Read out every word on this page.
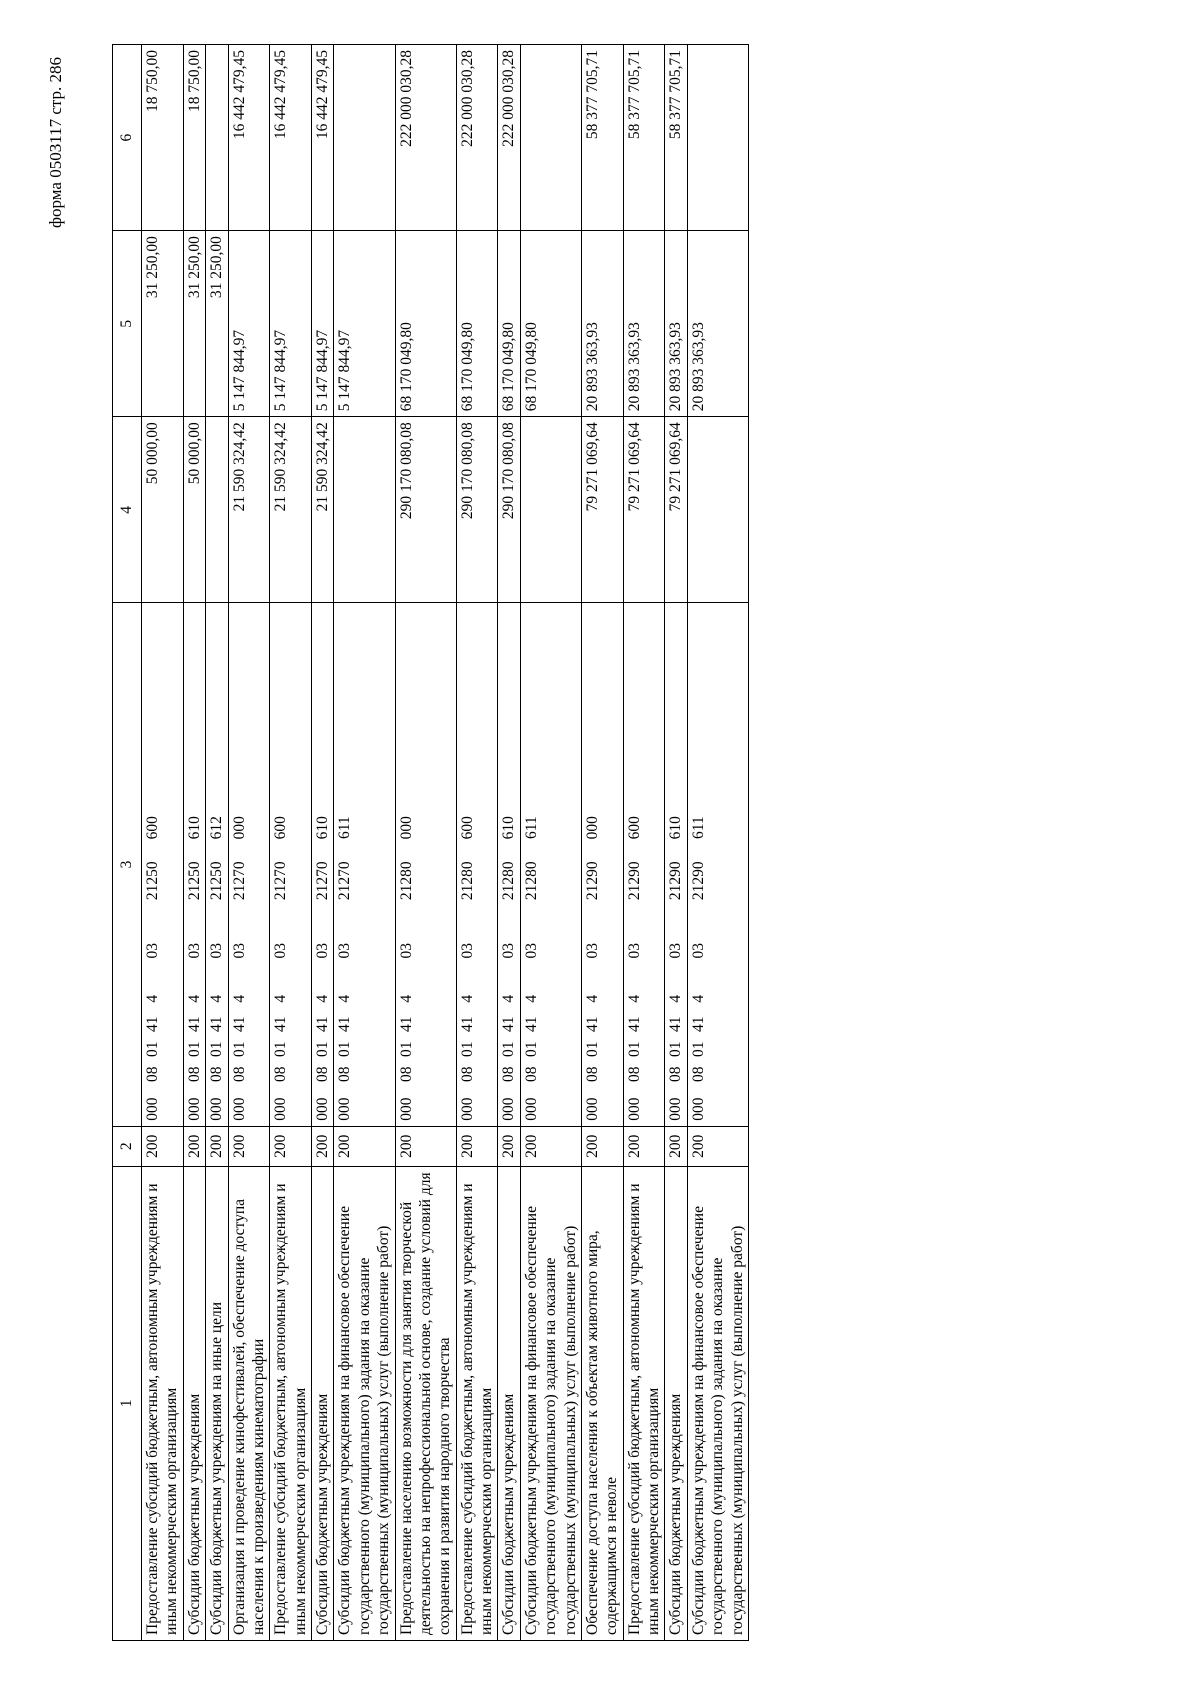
форма 0503117 стр. 286
1	2	3	4	5	6
Предоставление субсидий бюджетным, автономным учреждениям и иным некоммерческим организациям	200	00008014140321250600	50 000,00	31 250,00	18 750,00
Субсидии бюджетным учреждениям	200	00008014140321250610	50 000,00	31 250,00	18 750,00
Субсидии бюджетным учреждениям на иные цели	200	00008014140321250612		31 250,00	
Организация и проведение кинофестивалей, обеспечение доступа населения к произведениям кинематографии	200	00008014140321270000	21 590 324,42	5 147 844,97	16 442 479,45
Предоставление субсидий бюджетным, автономным учреждениям и иным некоммерческим организациям	200	00008014140321270600	21 590 324,42	5 147 844,97	16 442 479,45
Субсидии бюджетным учреждениям	200	00008014140321270610	21 590 324,42	5 147 844,97	16 442 479,45
Субсидии бюджетным учреждениям на финансовое обеспечение государственного (муниципального) задания на оказание государственных (муниципальных) услуг (выполнение работ)	200	00008014140321270611		5 147 844,97	
Предоставление населению возможности для занятия творческой деятельностью на непрофессиональной основе, создание условий для сохранения и развития народного творчества	200	00008014140321280000	290 170 080,08	68 170 049,80	222 000 030,28
Предоставление субсидий бюджетным, автономным учреждениям и иным некоммерческим организациям	200	00008014140321280600	290 170 080,08	68 170 049,80	222 000 030,28
Субсидии бюджетным учреждениям	200	00008014140321280610	290 170 080,08	68 170 049,80	222 000 030,28
Субсидии бюджетным учреждениям на финансовое обеспечение государственного (муниципального) задания на оказание государственных (муниципальных) услуг (выполнение работ)	200	00008014140321280611		68 170 049,80	
Обеспечение доступа населения к объектам животного мира, содержащимся в неволе	200	00008014140321290000	79 271 069,64	20 893 363,93	58 377 705,71
Предоставление субсидий бюджетным, автономным учреждениям и иным некоммерческим организациям	200	00008014140321290600	79 271 069,64	20 893 363,93	58 377 705,71
Субсидии бюджетным учреждениям	200	00008014140321290610	79 271 069,64	20 893 363,93	58 377 705,71
Субсидии бюджетным учреждениям на финансовое обеспечение государственного (муниципального) задания на оказание государственных (муниципальных) услуг (выполнение работ)	200	00008014140321290611		20 893 363,93	
